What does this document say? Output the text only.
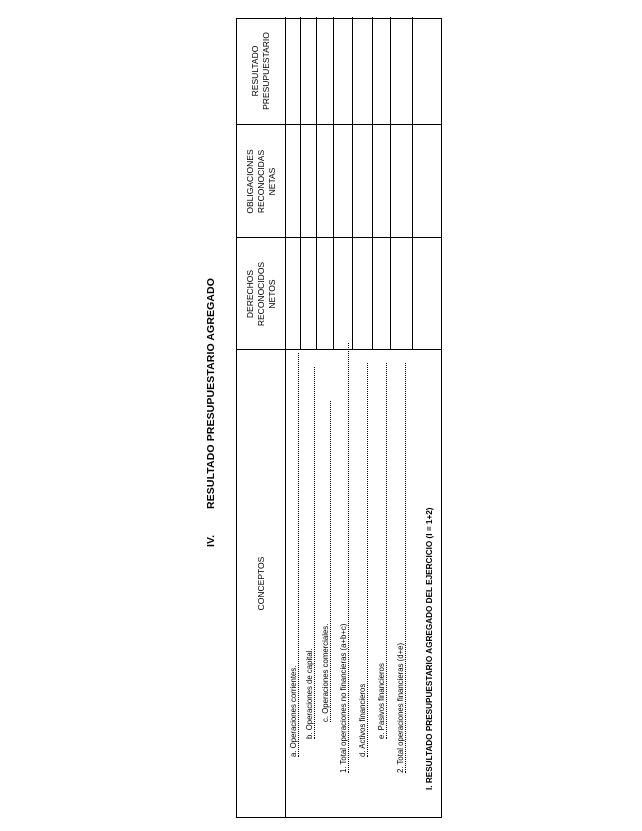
IV.
RESULTADO PRESUPUESTARIO AGREGADO
CONCEPTOS
DERECHOS RECONOCIDOS NETOS
OBLIGACIONES RECONOCIDAS NETAS
RESULTADO PRESUPUESTARIO
a. Operaciones corrientes. b. Operaciones de capital. c. Operaciones comerciales. 1. Total operaciones no financieras (a+b+c) d. Activos financieros e. Pasivos financieros 2. Total operaciones financieras (d+e) I. RESULTADO PRESUPUESTARIO AGREGADO DEL EJERCICIO (I = 1+2)
